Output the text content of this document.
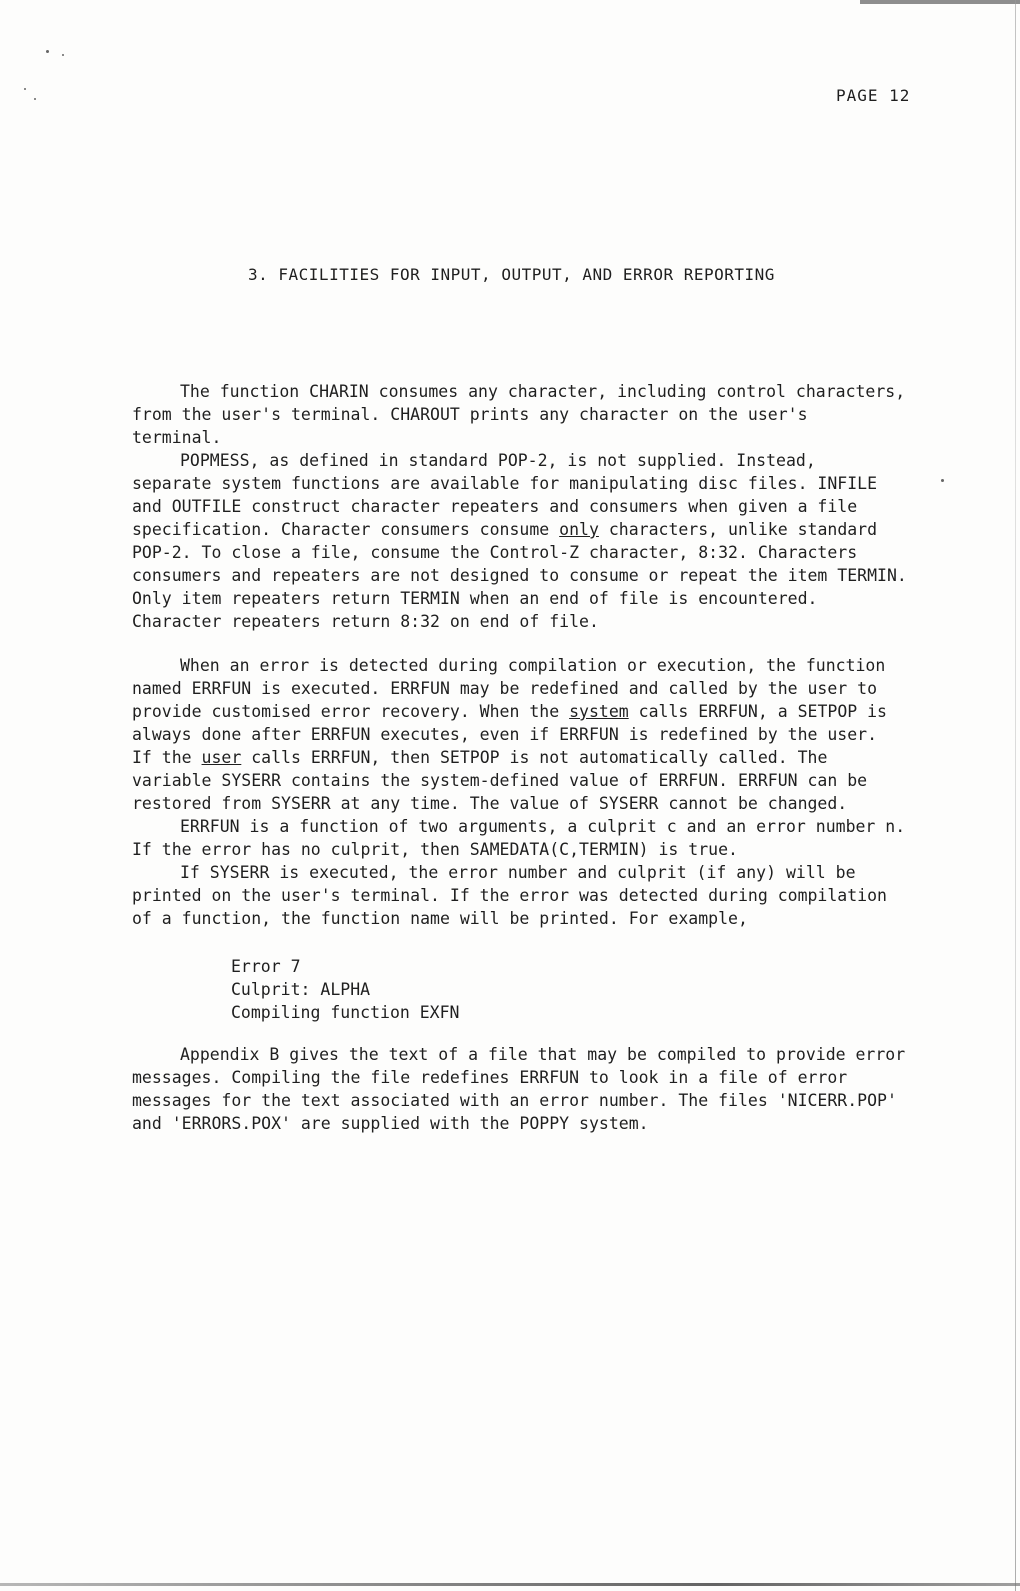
PAGE 12
3. FACILITIES FOR INPUT, OUTPUT, AND ERROR REPORTING
The function CHARIN consumes any character, including control characters,
from the user's terminal. CHAROUT prints any character on the user's
terminal.
POPMESS, as defined in standard POP-2, is not supplied. Instead,
separate system functions are available for manipulating disc files. INFILE
and OUTFILE construct character repeaters and consumers when given a file
specification. Character consumers consume only characters, unlike standard
POP-2. To close a file, consume the Control-Z character, 8:32. Characters
consumers and repeaters are not designed to consume or repeat the item TERMIN.
Only item repeaters return TERMIN when an end of file is encountered.
Character repeaters return 8:32 on end of file.
When an error is detected during compilation or execution, the function
named ERRFUN is executed. ERRFUN may be redefined and called by the user to
provide customised error recovery. When the system calls ERRFUN, a SETPOP is
always done after ERRFUN executes, even if ERRFUN is redefined by the user.
If the user calls ERRFUN, then SETPOP is not automatically called. The
variable SYSERR contains the system-defined value of ERRFUN. ERRFUN can be
restored from SYSERR at any time. The value of SYSERR cannot be changed.
ERRFUN is a function of two arguments, a culprit c and an error number n.
If the error has no culprit, then SAMEDATA(C,TERMIN) is true.
If SYSERR is executed, the error number and culprit (if any) will be
printed on the user's terminal. If the error was detected during compilation
of a function, the function name will be printed. For example,
Error 7
Culprit: ALPHA
Compiling function EXFN
Appendix B gives the text of a file that may be compiled to provide error
messages. Compiling the file redefines ERRFUN to look in a file of error
messages for the text associated with an error number. The files 'NICERR.POP'
and 'ERRORS.POX' are supplied with the POPPY system.
